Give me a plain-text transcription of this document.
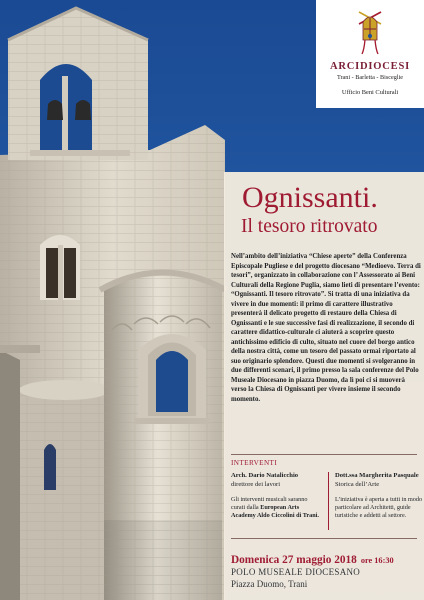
ARCIDIOCESI
Trani - Barletta - Bisceglie
Ufficio Beni Culturali
Ognissanti.
Il tesoro ritrovato

Nell’ambito dell’iniziativa “Chiese aperte” della Conferenza Episcopale Pugliese e del progetto diocesano “Medioevo. Terra di tesori”, organizzato in collaborazione con l’ Assessorato ai Beni Culturali della Regione Puglia, siamo lieti di presentare l’evento: “Ognissanti. Il tesoro ritrovato”. Si tratta di una iniziativa da vivere in due momenti: il primo di carattere illustrativo presenterà il delicato progetto di restauro della Chiesa di Ognissanti e le sue successive fasi di realizzazione, il secondo di carattere didattico-culturale ci aiuterà a scoprire questo antichissimo edificio di culto, situato nel cuore del borgo antico della nostra città, come un tesoro del passato ormai riportato al suo originario splendore. Questi due momenti si svolgeranno in due differenti scenari, il primo presso la sala conferenze del Polo Museale Diocesano in piazza Duomo, da lì poi ci si muoverà verso la Chiesa di Ognissanti per vivere insieme il secondo momento.

INTERVENTI
Arch. Dario Natalicchio
direttore dei lavori
Gli interventi musicali saranno curati dalla European Arts Academy Aldo Ciccolini di Trani.
Dott.ssa Margherita Pasquale
Storica dell’Arte
L’iniziativa è aperta a tutti in modo particolare ad Architetti, guide turistiche e addetti al settore.
Domenica 27 maggio 2018 ore 16:30
POLO MUSEALE DIOCESANO
Piazza Duomo, Trani
